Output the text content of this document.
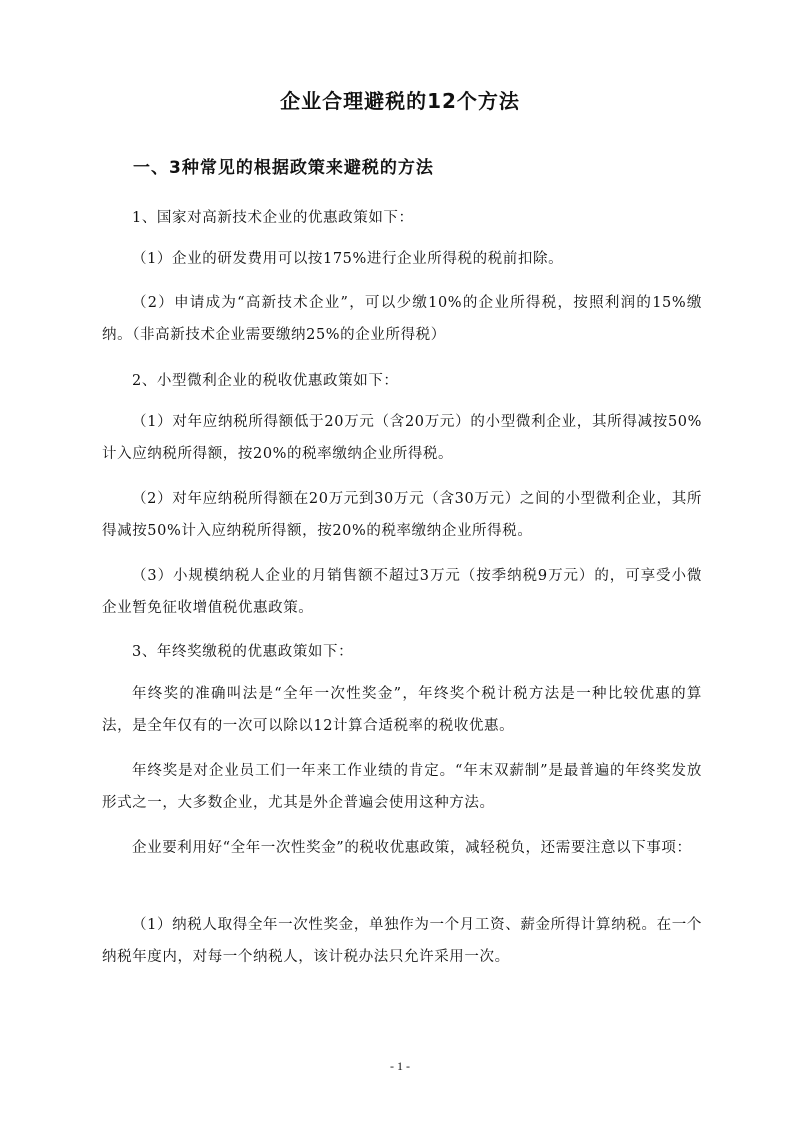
企业合理避税的12个方法
一、3种常见的根据政策来避税的方法

1、国家对高新技术企业的优惠政策如下：

（1）企业的研发费用可以按175%进行企业所得税的税前扣除。

（2）申请成为“高新技术企业”，可以少缴10%的企业所得税，按照利润的15%缴纳。（非高新技术企业需要缴纳25%的企业所得税）

2、小型微利企业的税收优惠政策如下：

（1）对年应纳税所得额低于20万元（含20万元）的小型微利企业，其所得减按50%计入应纳税所得额，按20%的税率缴纳企业所得税。

（2）对年应纳税所得额在20万元到30万元（含30万元）之间的小型微利企业，其所得减按50%计入应纳税所得额，按20%的税率缴纳企业所得税。

（3）小规模纳税人企业的月销售额不超过3万元（按季纳税9万元）的，可享受小微企业暂免征收增值税优惠政策。

3、年终奖缴税的优惠政策如下：

年终奖的准确叫法是“全年一次性奖金”，年终奖个税计税方法是一种比较优惠的算法，是全年仅有的一次可以除以12计算合适税率的税收优惠。

年终奖是对企业员工们一年来工作业绩的肯定。“年末双薪制”是最普遍的年终奖发放形式之一，大多数企业，尤其是外企普遍会使用这种方法。

企业要利用好“全年一次性奖金”的税收优惠政策，减轻税负，还需要注意以下事项：

（1）纳税人取得全年一次性奖金，单独作为一个月工资、薪金所得计算纳税。在一个纳税年度内，对每一个纳税人，该计税办法只允许采用一次。

- 1 -
